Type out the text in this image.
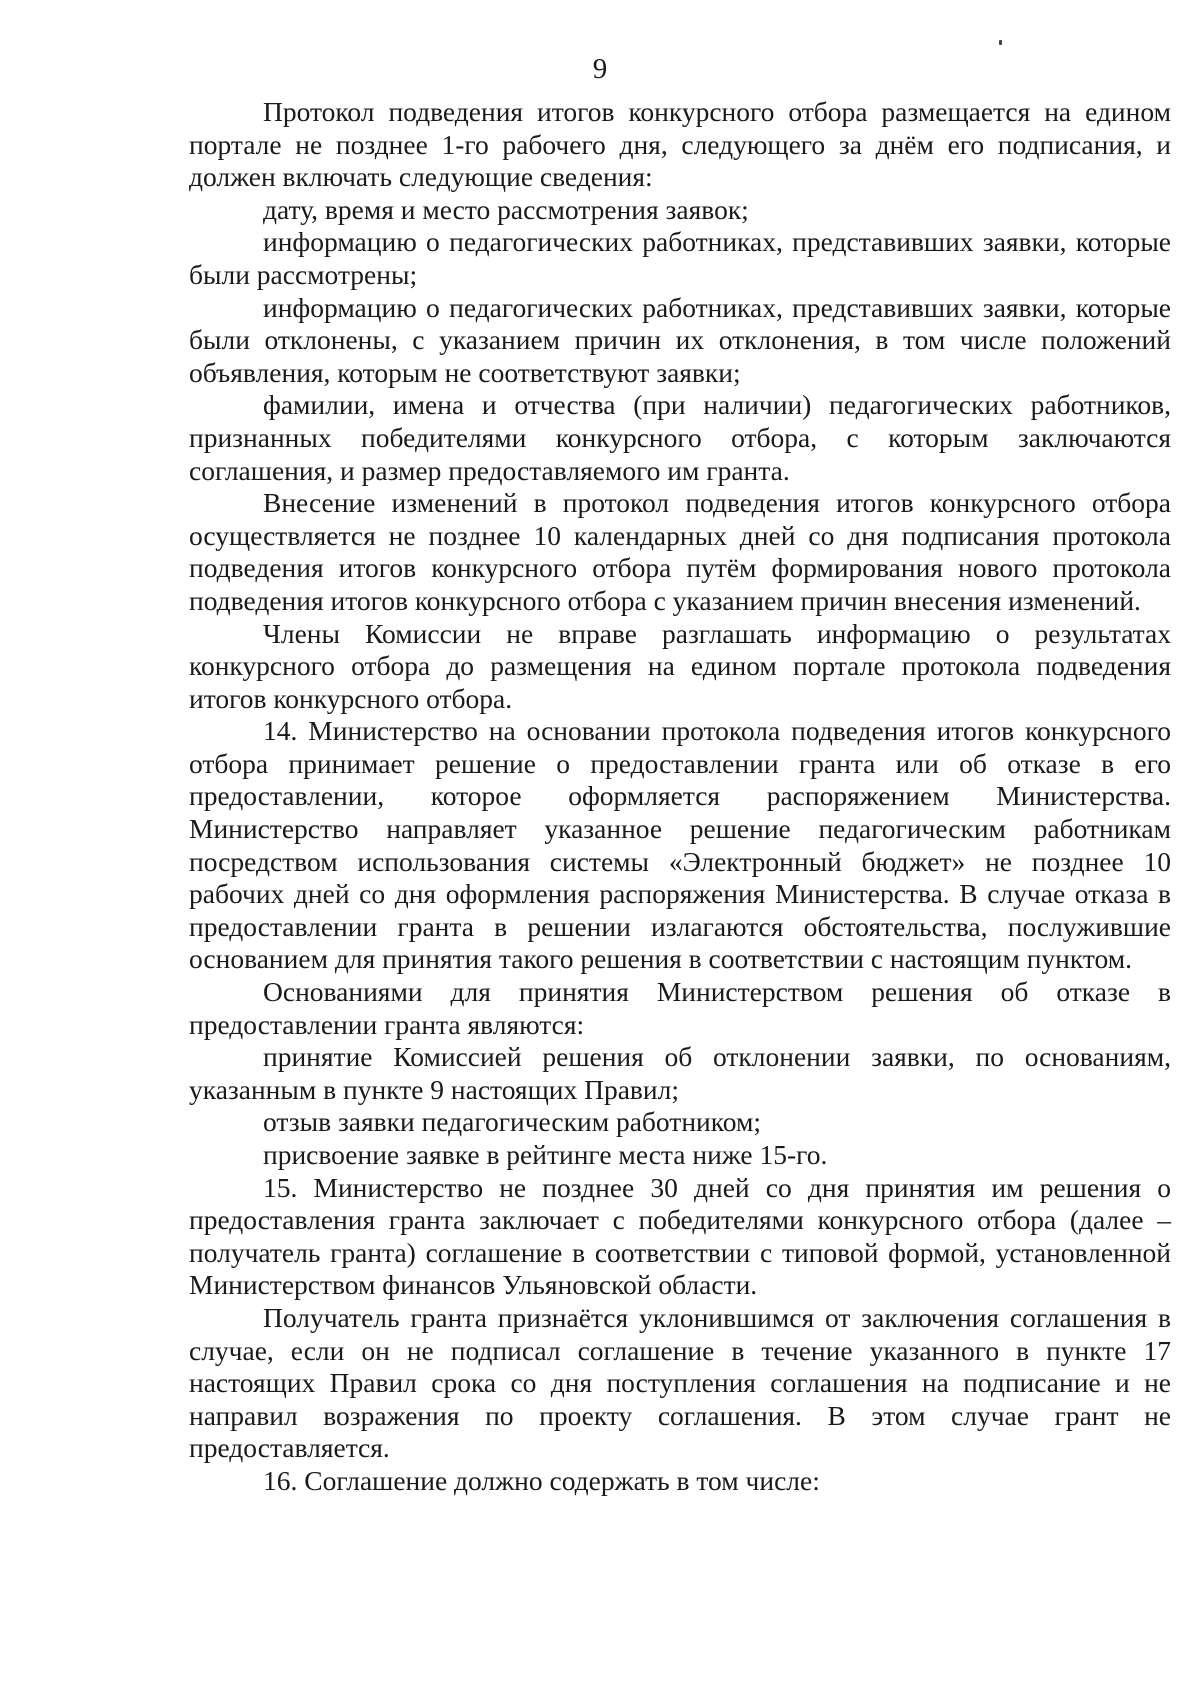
9

Протокол подведения итогов конкурсного отбора размещается на едином портале не позднее 1-го рабочего дня, следующего за днём его подписания, и должен включать следующие сведения:

дату, время и место рассмотрения заявок;

информацию о педагогических работниках, представивших заявки, которые были рассмотрены;

информацию о педагогических работниках, представивших заявки, которые были отклонены, с указанием причин их отклонения, в том числе положений объявления, которым не соответствуют заявки;

фамилии, имена и отчества (при наличии) педагогических работников, признанных победителями конкурсного отбора, с которым заключаются соглашения, и размер предоставляемого им гранта.

Внесение изменений в протокол подведения итогов конкурсного отбора осуществляется не позднее 10 календарных дней со дня подписания протокола подведения итогов конкурсного отбора путём формирования нового протокола подведения итогов конкурсного отбора с указанием причин внесения изменений.

Члены Комиссии не вправе разглашать информацию о результатах конкурсного отбора до размещения на едином портале протокола подведения итогов конкурсного отбора.

14. Министерство на основании протокола подведения итогов конкурсного отбора принимает решение о предоставлении гранта или об отказе в его предоставлении, которое оформляется распоряжением Министерства. Министерство направляет указанное решение педагогическим работникам посредством использования системы «Электронный бюджет» не позднее 10 рабочих дней со дня оформления распоряжения Министерства. В случае отказа в предоставлении гранта в решении излагаются обстоятельства, послужившие основанием для принятия такого решения в соответствии с настоящим пунктом.

Основаниями для принятия Министерством решения об отказе в предоставлении гранта являются:

принятие Комиссией решения об отклонении заявки, по основаниям, указанным в пункте 9 настоящих Правил;

отзыв заявки педагогическим работником;

присвоение заявке в рейтинге места ниже 15-го.

15. Министерство не позднее 30 дней со дня принятия им решения о предоставления гранта заключает с победителями конкурсного отбора (далее – получатель гранта) соглашение в соответствии с типовой формой, установленной Министерством финансов Ульяновской области.

Получатель гранта признаётся уклонившимся от заключения соглашения в случае, если он не подписал соглашение в течение указанного в пункте 17 настоящих Правил срока со дня поступления соглашения на подписание и не направил возражения по проекту соглашения. В этом случае грант не предоставляется.

16. Соглашение должно содержать в том числе:
